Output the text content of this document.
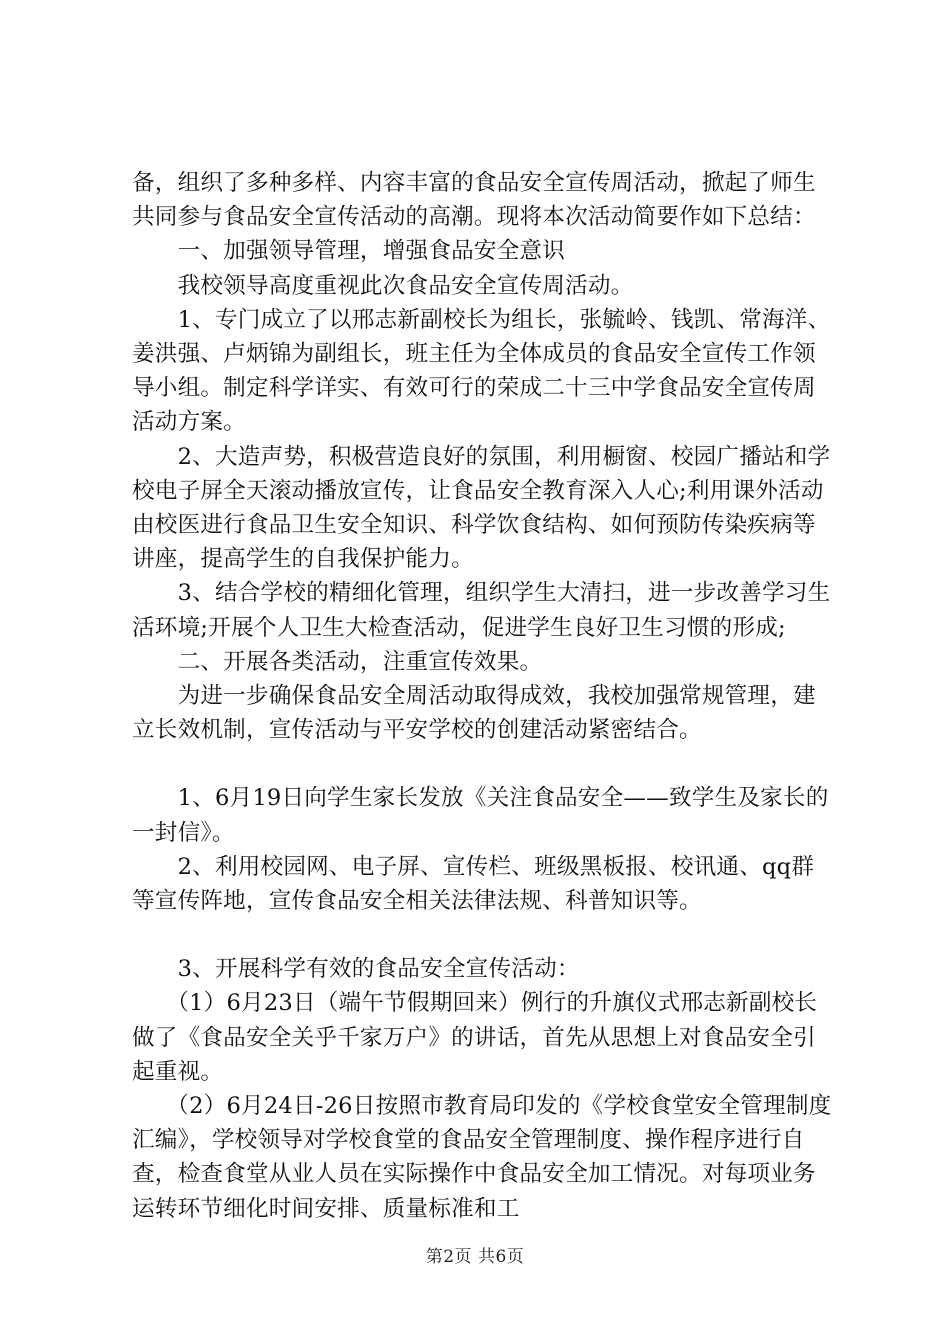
备，组织了多种多样、内容丰富的食品安全宣传周活动，掀起了师生共同参与食品安全宣传活动的高潮。现将本次活动简要作如下总结：

　　一、加强领导管理，增强食品安全意识

　　我校领导高度重视此次食品安全宣传周活动。

　　1、专门成立了以邢志新副校长为组长，张毓岭、钱凯、常海洋、姜洪强、卢炳锦为副组长，班主任为全体成员的食品安全宣传工作领导小组。制定科学详实、有效可行的荣成二十三中学食品安全宣传周活动方案。

　　2、大造声势，积极营造良好的氛围，利用橱窗、校园广播站和学校电子屏全天滚动播放宣传，让食品安全教育深入人心;利用课外活动由校医进行食品卫生安全知识、科学饮食结构、如何预防传染疾病等讲座，提高学生的自我保护能力。

　　3、结合学校的精细化管理，组织学生大清扫，进一步改善学习生活环境;开展个人卫生大检查活动，促进学生良好卫生习惯的形成;

　　二、开展各类活动，注重宣传效果。

　　为进一步确保食品安全周活动取得成效，我校加强常规管理，建立长效机制，宣传活动与平安学校的创建活动紧密结合。

　　1、6月19日向学生家长发放《关注食品安全——致学生及家长的一封信》。

　　2、利用校园网、电子屏、宣传栏、班级黑板报、校讯通、qq群等宣传阵地，宣传食品安全相关法律法规、科普知识等。

　　3、开展科学有效的食品安全宣传活动：

　　（1）6月23日（端午节假期回来）例行的升旗仪式邢志新副校长做了《食品安全关乎千家万户》的讲话，首先从思想上对食品安全引起重视。

　　（2）6月24日-26日按照市教育局印发的《学校食堂安全管理制度汇编》，学校领导对学校食堂的食品安全管理制度、操作程序进行自查，检查食堂从业人员在实际操作中食品安全加工情况。对每项业务运转环节细化时间安排、质量标准和工

第2页 共6页
